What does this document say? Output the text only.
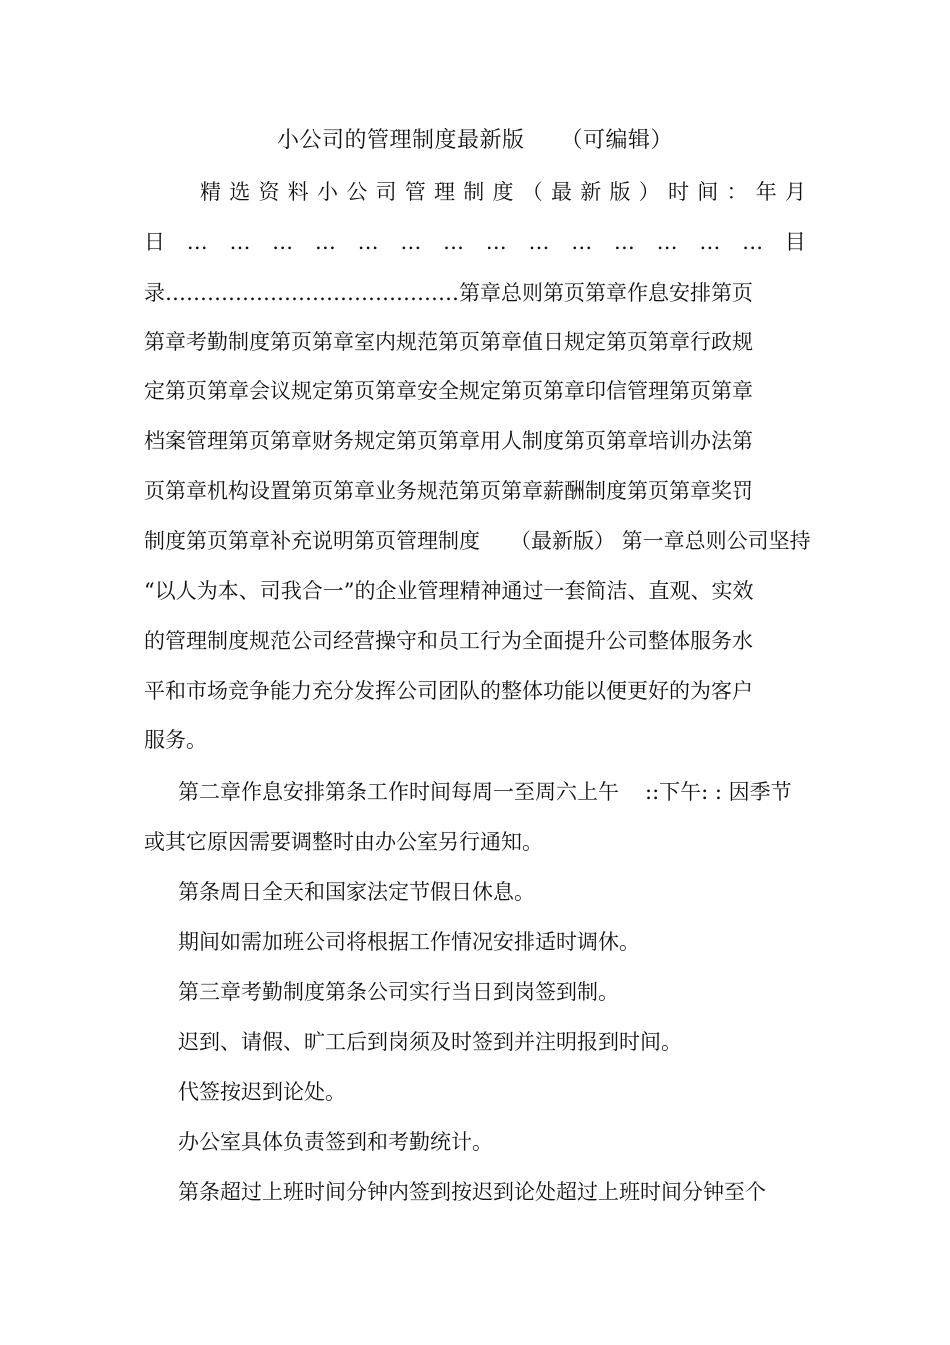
小公司的管理制度最新版 （可编辑）
精 选 资 料 小 公 司 管 理 制 度 （ 最 新 版 ） 时 间 ： 年 月
日 … … … … … … … … … … … … … … 目
录……………………………………第章总则第页第章作息安排第页
第章考勤制度第页第章室内规范第页第章值日规定第页第章行政规
定第页第章会议规定第页第章安全规定第页第章印信管理第页第章
档案管理第页第章财务规定第页第章用人制度第页第章培训办法第
页第章机构设置第页第章业务规范第页第章薪酬制度第页第章奖罚
制度第页第章补充说明第页管理制度 （最新版） 第一章总则公司坚持
“以人为本、司我合一”的企业管理精神通过一套简洁、直观、实效
的管理制度规范公司经营操守和员工行为全面提升公司整体服务水
平和市场竞争能力充分发挥公司团队的整体功能以便更好的为客户
服务。
第二章作息安排第条工作时间每周一至周六上午 ::下午: : 因季节
或其它原因需要调整时由办公室另行通知。
第条周日全天和国家法定节假日休息。
期间如需加班公司将根据工作情况安排适时调休。
第三章考勤制度第条公司实行当日到岗签到制。
迟到、请假、旷工后到岗须及时签到并注明报到时间。
代签按迟到论处。
办公室具体负责签到和考勤统计。
第条超过上班时间分钟内签到按迟到论处超过上班时间分钟至个
